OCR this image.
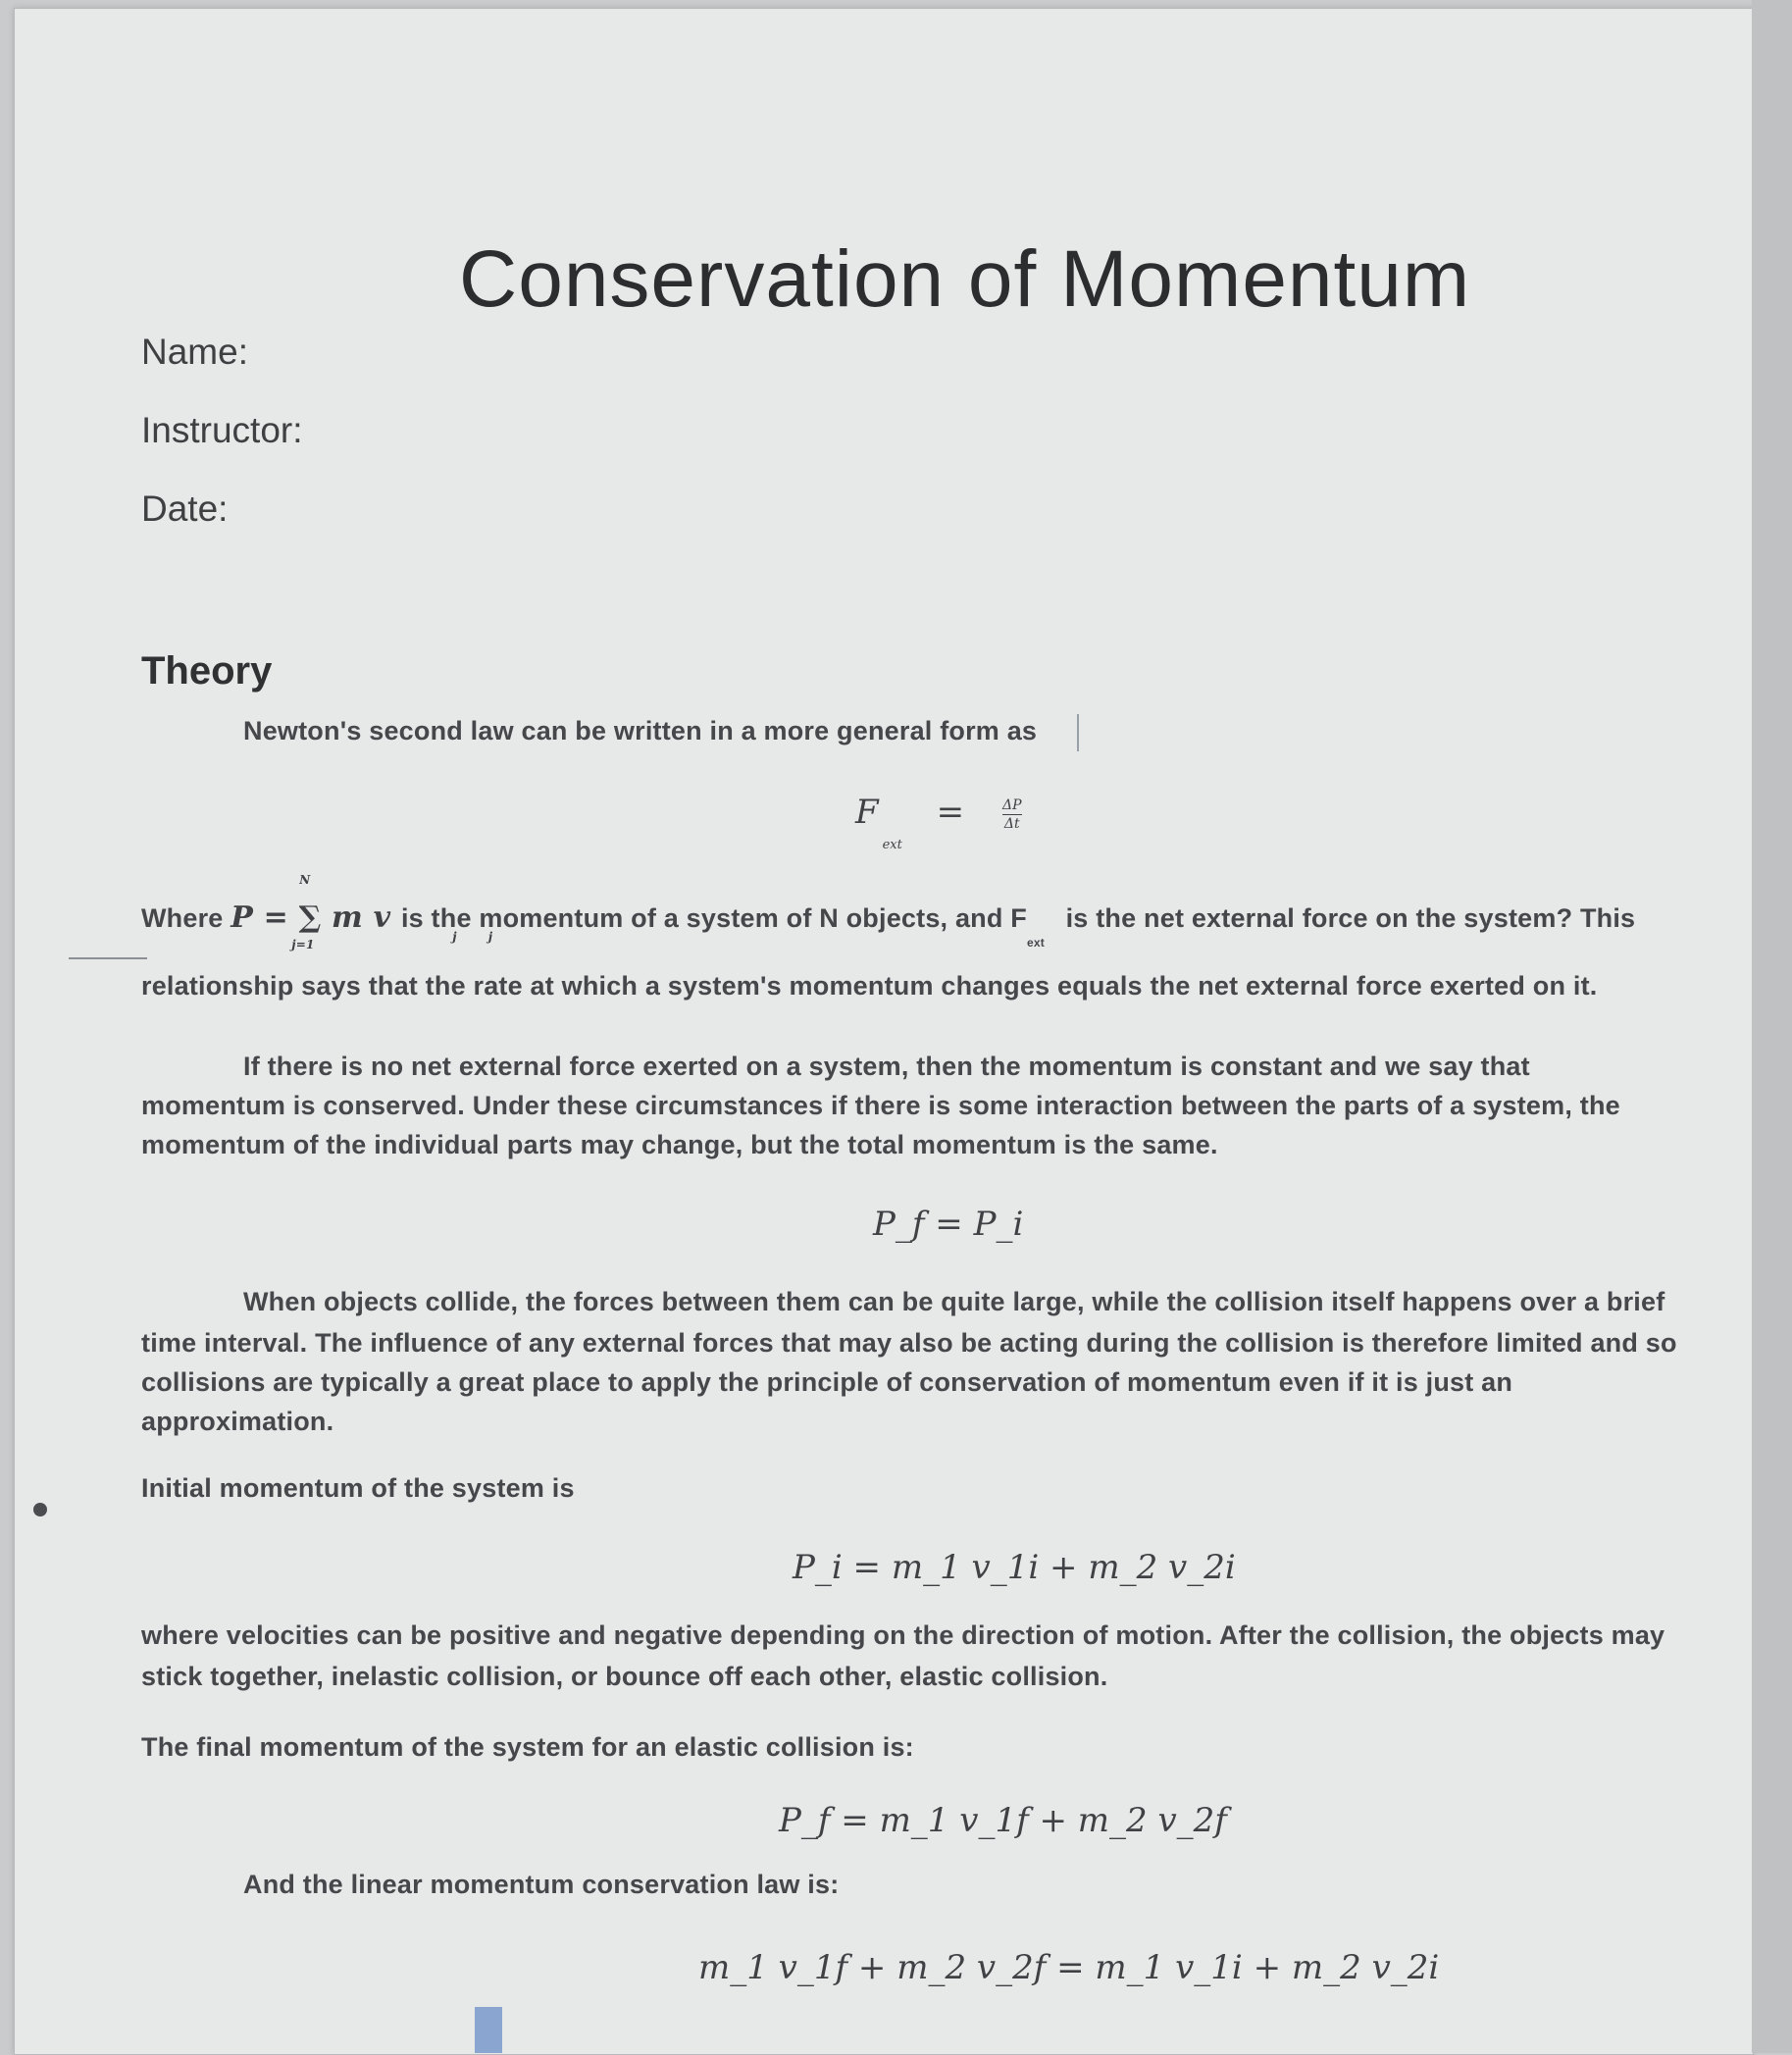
Conservation of Momentum
Name:
Instructor:
Date:
Theory
Newton's second law can be written in a more general form as
$F_{ext}$ =	$\frac{\Delta P}{\Delta t}$
Where P = ∑ m v
N
j=1
j j
is the momentum of a system of N objects, and $F_{ext}$ is the net external force on the system? This
relationship says that the rate at which a system's momentum changes equals the net external force exerted on it.
If there is no net external force exerted on a system, then the momentum is constant and we say that
momentum is conserved. Under these circumstances if there is some interaction between the parts of a system, the
momentum of the individual parts may change, but the total momentum is the same.
P_f = P_i
When objects collide, the forces between them can be quite large, while the collision itself happens over a brief
time interval. The influence of any external forces that may also be acting during the collision is therefore limited and so
collisions are typically a great place to apply the principle of conservation of momentum even if it is just an
approximation.
Initial momentum of the system is
P_i = m_1 v_1i + m_2 v_2i
where velocities can be positive and negative depending on the direction of motion. After the collision, the objects may
stick together, inelastic collision, or bounce off each other, elastic collision.
The final momentum of the system for an elastic collision is:
P_f = m_1 v_1f + m_2 v_2f
And the linear momentum conservation law is:
m_1 v_1f + m_2 v_2f = m_1 v_1i + m_2 v_2i
